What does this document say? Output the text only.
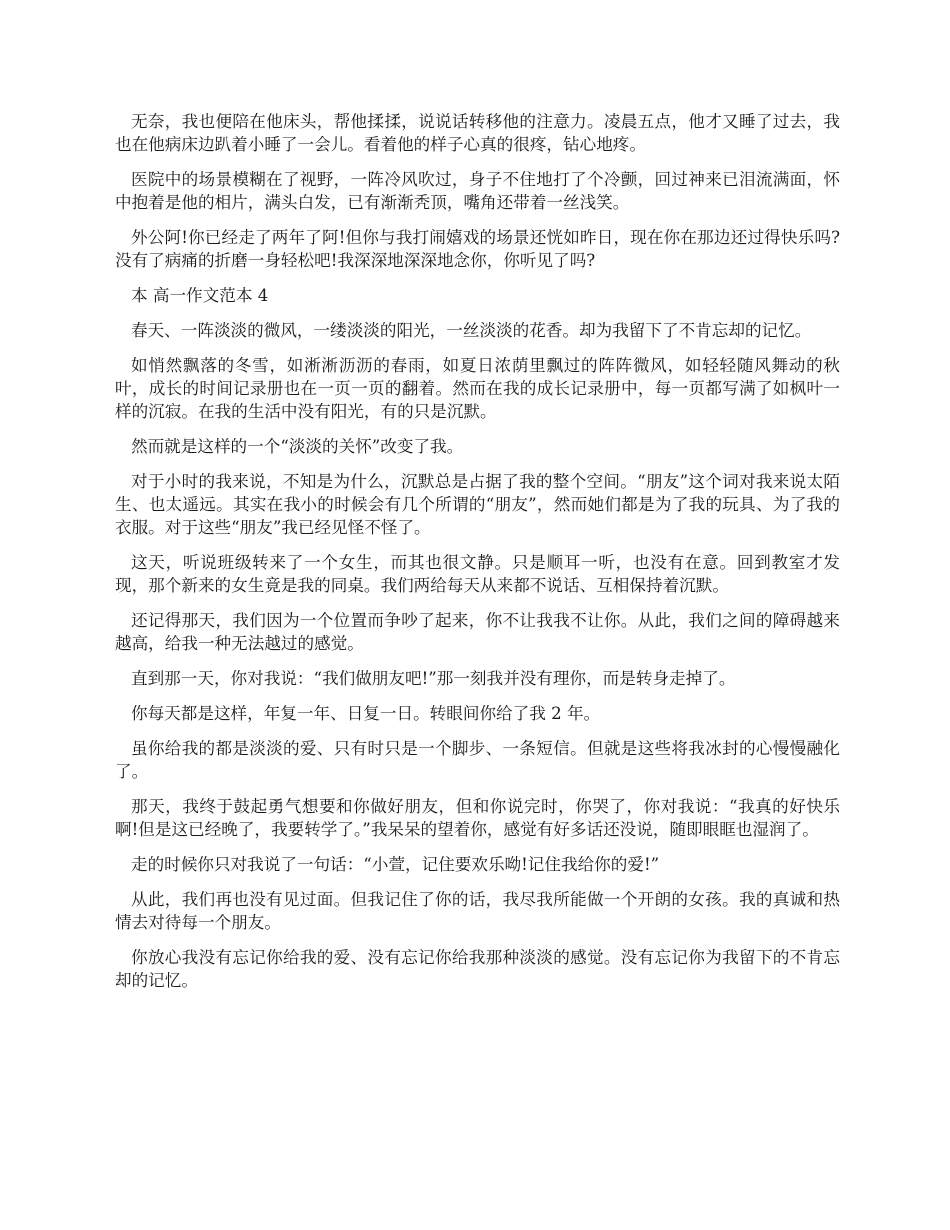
无奈，我也便陪在他床头，帮他揉揉，说说话转移他的注意力。凌晨五点，他才又睡了过去，我也在他病床边趴着小睡了一会儿。看着他的样子心真的很疼，钻心地疼。

医院中的场景模糊在了视野，一阵冷风吹过，身子不住地打了个冷颤，回过神来已泪流满面，怀中抱着是他的相片，满头白发，已有渐渐秃顶，嘴角还带着一丝浅笑。

外公阿!你已经走了两年了阿!但你与我打闹嬉戏的场景还恍如昨日，现在你在那边还过得快乐吗?没有了病痛的折磨一身轻松吧!我深深地深深地念你，你听见了吗?

本 高一作文范本 4

春天、一阵淡淡的微风，一缕淡淡的阳光，一丝淡淡的花香。却为我留下了不肯忘却的记忆。

如悄然飘落的冬雪，如淅淅沥沥的春雨，如夏日浓荫里飘过的阵阵微风，如轻轻随风舞动的秋叶，成长的时间记录册也在一页一页的翻着。然而在我的成长记录册中，每一页都写满了如枫叶一样的沉寂。在我的生活中没有阳光，有的只是沉默。

然而就是这样的一个“淡淡的关怀”改变了我。

对于小时的我来说，不知是为什么，沉默总是占据了我的整个空间。“朋友”这个词对我来说太陌生、也太遥远。其实在我小的时候会有几个所谓的“朋友”，然而她们都是为了我的玩具、为了我的衣服。对于这些“朋友”我已经见怪不怪了。

这天，听说班级转来了一个女生，而其也很文静。只是顺耳一听，也没有在意。回到教室才发现，那个新来的女生竟是我的同桌。我们两给每天从来都不说话、互相保持着沉默。

还记得那天，我们因为一个位置而争吵了起来，你不让我我不让你。从此，我们之间的障碍越来越高，给我一种无法越过的感觉。

直到那一天，你对我说：“我们做朋友吧!”那一刻我并没有理你，而是转身走掉了。

你每天都是这样，年复一年、日复一日。转眼间你给了我 2 年。

虽你给我的都是淡淡的爱、只有时只是一个脚步、一条短信。但就是这些将我冰封的心慢慢融化了。

那天，我终于鼓起勇气想要和你做好朋友，但和你说完时，你哭了，你对我说：“我真的好快乐啊!但是这已经晚了，我要转学了。”我呆呆的望着你，感觉有好多话还没说，随即眼眶也湿润了。

走的时候你只对我说了一句话：“小萱，记住要欢乐呦!记住我给你的爱!”

从此，我们再也没有见过面。但我记住了你的话，我尽我所能做一个开朗的女孩。我的真诚和热情去对待每一个朋友。

你放心我没有忘记你给我的爱、没有忘记你给我那种淡淡的感觉。没有忘记你为我留下的不肯忘却的记忆。
